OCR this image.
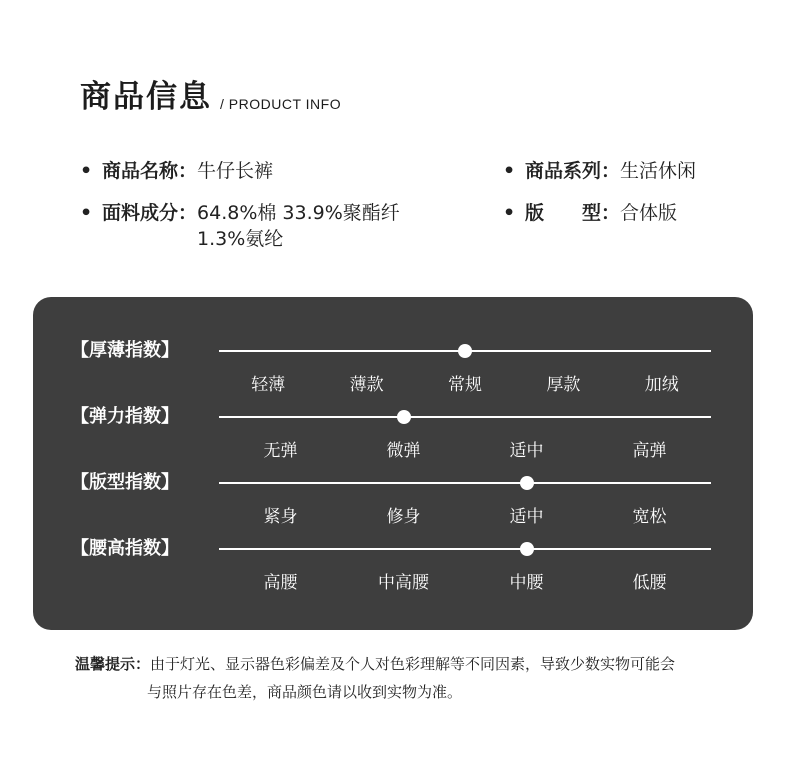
商品信息 / PRODUCT INFO
• 商品名称： 牛仔长裤	• 商品系列： 生活休闲
• 面料成分： 64.8%棉 33.9%聚酯纤
1.3%氨纶
• 版　　型： 合体版
【厚薄指数】
轻薄	薄款	常规	厚款	加绒
【弹力指数】
无弹	微弹	适中	高弹
【版型指数】
紧身	修身	适中	宽松
【腰高指数】
高腰	中高腰	中腰	低腰
温馨提示：由于灯光、显示器色彩偏差及个人对色彩理解等不同因素，导致少数实物可能会
与照片存在色差，商品颜色请以收到实物为准。
